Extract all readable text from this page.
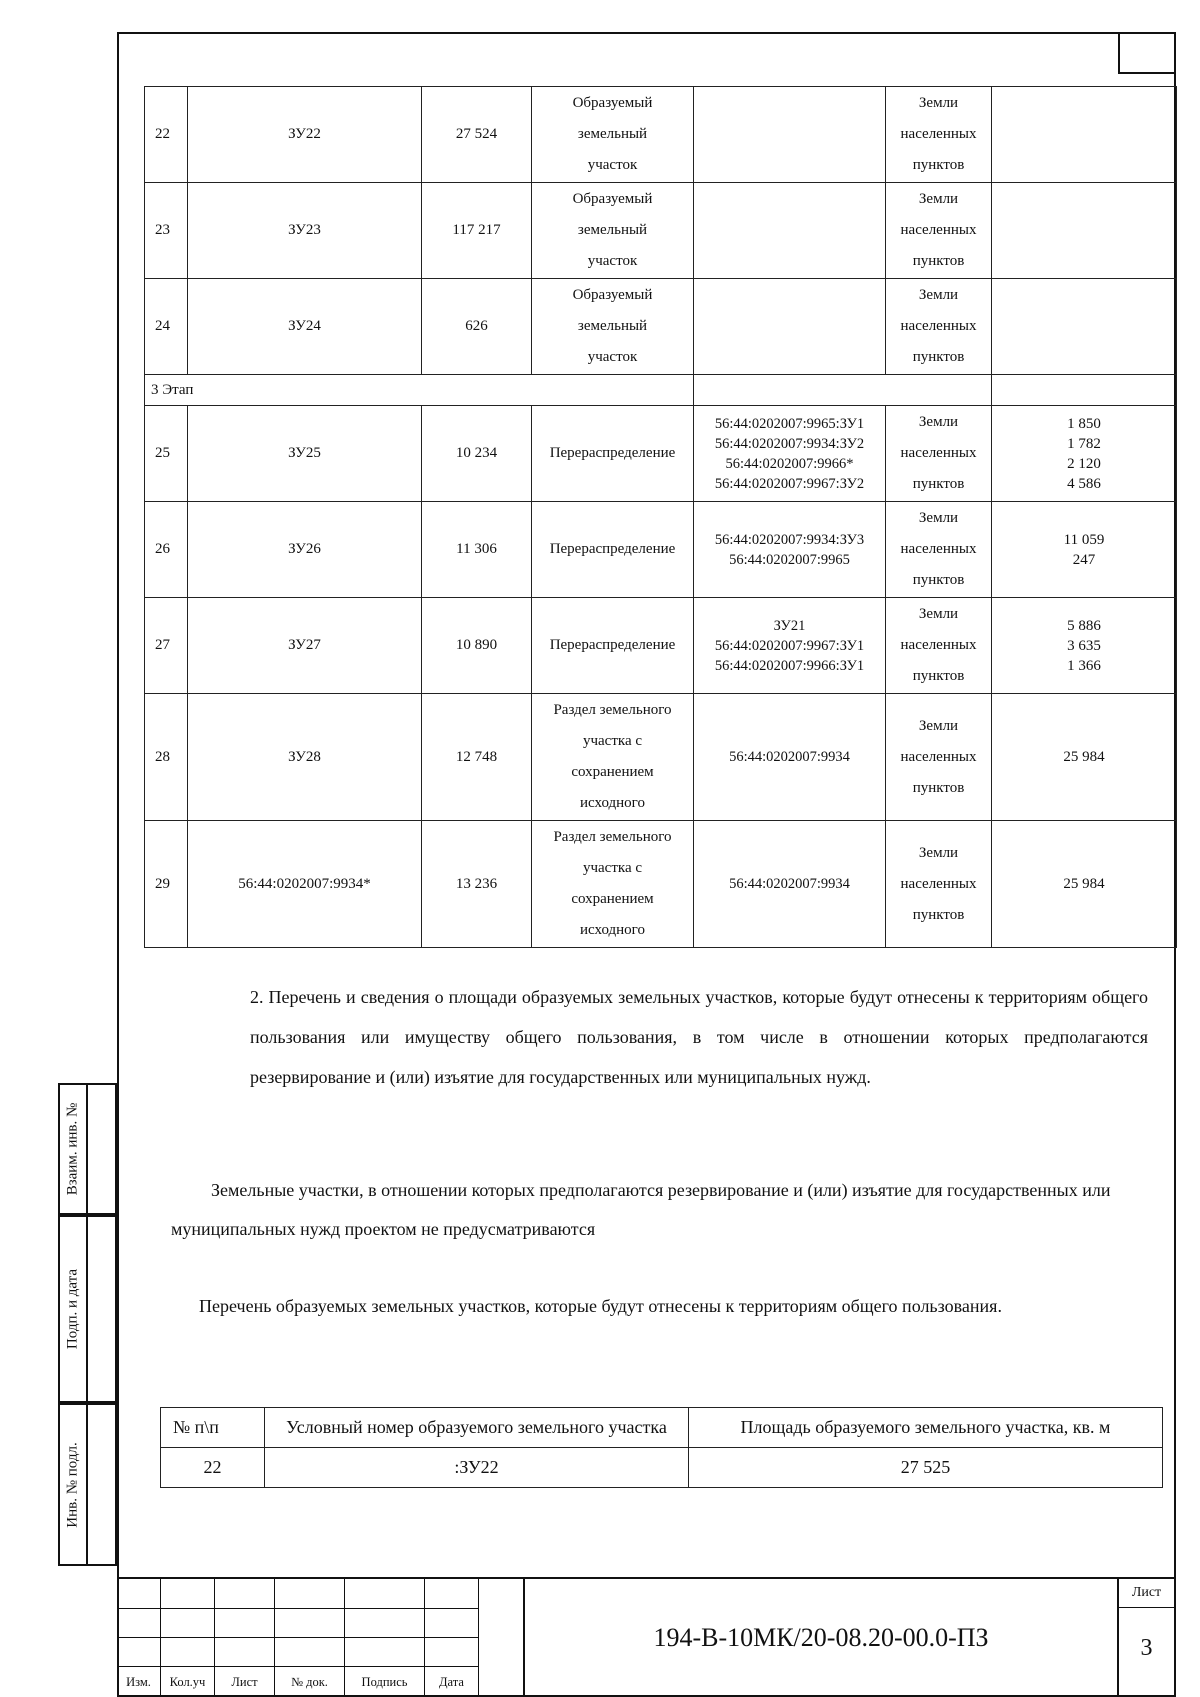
22	ЗУ22	27 524	Образуемый
земельный
участок		Земли
населенных
пунктов	
23	ЗУ23	117 217	Образуемый
земельный
участок		Земли
населенных
пунктов	
24	ЗУ24	626	Образуемый
земельный
участок		Земли
населенных
пунктов	
3 Этап						
25	ЗУ25	10 234	Перераспределение	56:44:0202007:9965:ЗУ1
56:44:0202007:9934:ЗУ2
56:44:0202007:9966*
56:44:0202007:9967:ЗУ2	Земли
населенных
пунктов	1 850
1 782
2 120
4 586
26	ЗУ26	11 306	Перераспределение	56:44:0202007:9934:ЗУ3
56:44:0202007:9965	Земли
населенных
пунктов	11 059
247
27	ЗУ27	10 890	Перераспределение	ЗУ21
56:44:0202007:9967:ЗУ1
56:44:0202007:9966:ЗУ1	Земли
населенных
пунктов	5 886
3 635
1 366
28	ЗУ28	12 748	Раздел земельного
участка с
сохранением
исходного	56:44:0202007:9934	Земли
населенных
пунктов	25 984
29	56:44:0202007:9934*	13 236	Раздел земельного
участка с
сохранением
исходного	56:44:0202007:9934	Земли
населенных
пунктов	25 984
2. Перечень и сведения о площади образуемых земельных участков, которые будут отнесены к территориям общего пользования или имуществу общего пользования, в том числе в отношении которых предполагаются резервирование и (или) изъятие для государственных или муниципальных нужд.
Земельные участки, в отношении которых предполагаются резервирование и (или) изъятие для государственных или муниципальных нужд проектом не предусматриваются
Перечень образуемых земельных участков, которые будут отнесены к территориям общего пользования.
№ п\п	Условный номер образуемого земельного участка	Площадь образуемого земельного участка, кв. м
22	:ЗУ22	27 525
Взаим. инв. №
Подп. и дата
Инв. № подл.
Изм.	Кол.уч	Лист	№ док.	Подпись	Дата
194-В-10МК/20-08.20-00.0-ПЗ
Лист
3
